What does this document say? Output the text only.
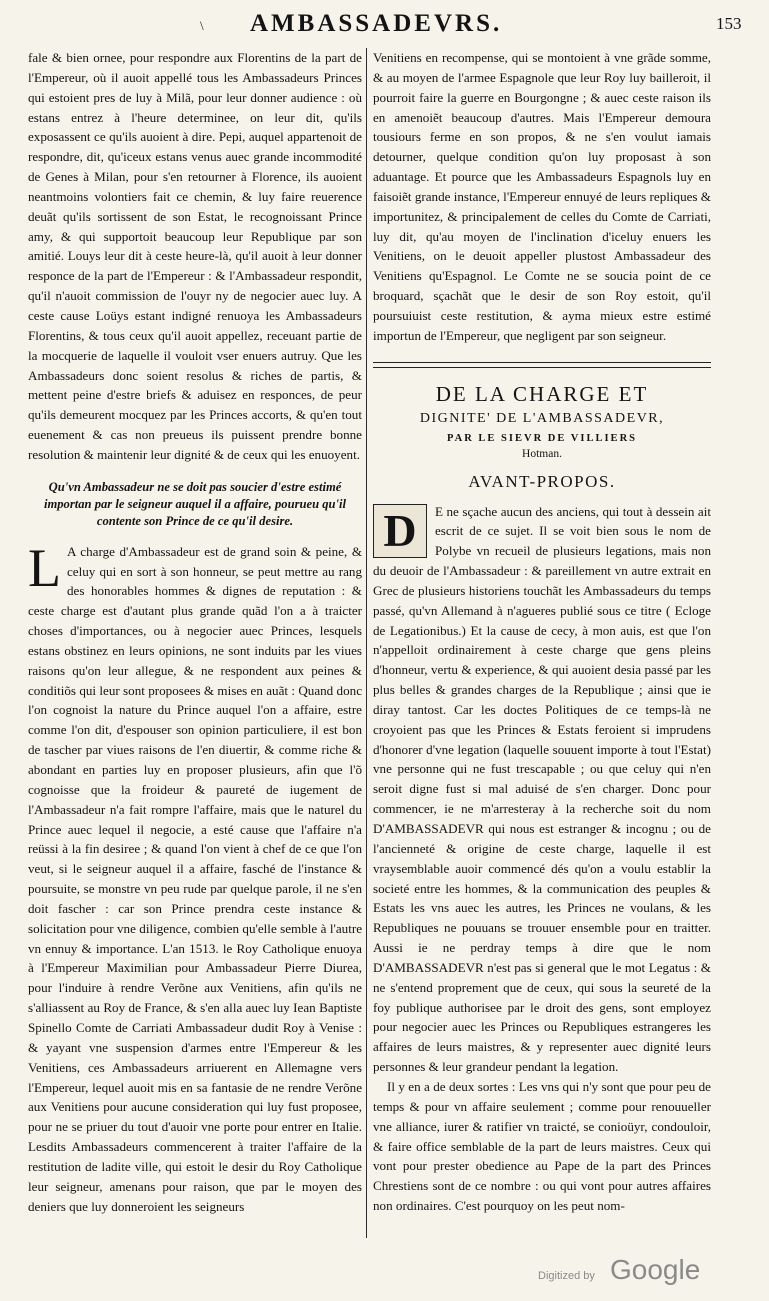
\ AMBASSADEVRS.	153

fale & bien ornee, pour respondre aux Florentins de la part de l'Empereur, où il auoit appellé tous les Ambassadeurs Princes qui estoient pres de luy à Milã, pour leur donner audience : où estans entrez à l'heure determinee, on leur dit, qu'ils exposassent ce qu'ils auoient à dire. Pepi, auquel appartenoit de respondre, dit, qu'iceux estans venus auec grande incommodité de Genes à Milan, pour s'en retourner à Florence, ils auoient neantmoins volontiers fait ce chemin, & luy faire reuerence deuãt qu'ils sortissent de son Estat, le recognoissant Prince amy, & qui supportoit beaucoup leur Republique par son amitié. Louys leur dit à ceste heure-là, qu'il auoit à leur donner responce de la part de l'Empereur : & l'Ambassadeur respondit, qu'il n'auoit commission de l'ouyr ny de negocier auec luy. A ceste cause Loüys estant indigné renuoya les Ambassadeurs Florentins, & tous ceux qu'il auoit appellez, receuant partie de la mocquerie de laquelle il vouloit vser enuers autruy. Que les Ambassadeurs donc soient resolus & riches de partis, & mettent peine d'estre briefs & aduisez en responces, de peur qu'ils demeurent mocquez par les Princes accorts, & qu'en tout euenement & cas non preueus ils puissent prendre bonne resolution & maintenir leur dignité & de ceux qui les enuoyent.

Qu'vn Ambassadeur ne se doit pas soucier d'estre estimé importan par le seigneur auquel il a affaire, pourueu qu'il contente son Prince de ce qu'il desire.

L A charge d'Ambassadeur est de grand soin & peine, & celuy qui en sort à son honneur, se peut mettre au rang des honorables hommes & dignes de reputation : & ceste charge est d'autant plus grande quãd l'on a à traicter choses d'importances, ou à negocier auec Princes, lesquels estans obstinez en leurs opinions, ne sont induits par les viues raisons qu'on leur allegue, & ne respondent aux peines & conditiõs qui leur sont proposees & mises en auãt : Quand donc l'on cognoist la nature du Prince auquel l'on a affaire, estre comme l'on dit, d'espouser son opinion particuliere, il est bon de tascher par viues raisons de l'en diuertir, & comme riche & abondant en parties luy en proposer plusieurs, afin que l'õ cognoisse que la froideur & paureté de iugement de l'Ambassadeur n'a fait rompre l'affaire, mais que le naturel du Prince auec lequel il negocie, a esté cause que l'affaire n'a reüssi à la fin desiree ; & quand l'on vient à chef de ce que l'on veut, si le seigneur auquel il a affaire, fasché de l'instance & poursuite, se monstre vn peu rude par quelque parole, il ne s'en doit fascher : car son Prince prendra ceste instance & solicitation pour vne diligence, combien qu'elle semble à l'autre vn ennuy & importance. L'an 1513. le Roy Catholique enuoya à l'Empereur Maximilian pour Ambassadeur Pierre Diurea, pour l'induire à rendre Verõne aux Venitiens, afin qu'ils ne s'alliassent au Roy de France, & s'en alla auec luy Iean Baptiste Spinello Comte de Carriati Ambassadeur dudit Roy à Venise : & yayant vne suspension d'armes entre l'Empereur & les Venitiens, ces Ambassadeurs arriuerent en Allemagne vers l'Empereur, lequel auoit mis en sa fantasie de ne rendre Verõne aux Venitiens pour aucune consideration qui luy fust proposee, pour ne se priuer du tout d'auoir vne porte pour entrer en Italie. Lesdits Ambassadeurs commencerent à traiter l'affaire de la restitution de ladite ville, qui estoit le desir du Roy Catholique leur seigneur, amenans pour raison, que par le moyen des deniers que luy donneroient les seigneurs

Venitiens en recompense, qui se montoient à vne grãde somme, & au moyen de l'armee Espagnole que leur Roy luy bailleroit, il pourroit faire la guerre en Bourgongne ; & auec ceste raison ils en amenoiẽt beaucoup d'autres. Mais l'Empereur demoura tousiours ferme en son propos, & ne s'en voulut iamais detourner, quelque condition qu'on luy proposast à son aduantage. Et pource que les Ambassadeurs Espagnols luy en faisoiẽt grande instance, l'Empereur ennuyé de leurs repliques & importunitez, & principalement de celles du Comte de Carriati, luy dit, qu'au moyen de l'inclination d'iceluy enuers les Venitiens, on le deuoit appeller plustost Ambassadeur des Venitiens qu'Espagnol. Le Comte ne se soucia point de ce broquard, sçachãt que le desir de son Roy estoit, qu'il poursuiuist ceste restitution, & ayma mieux estre estimé importun de l'Empereur, que negligent par son seigneur.

DE LA CHARGE ET

DIGNITE' DE L'AMBASSADEVR,

PAR LE SIEVR DE VILLIERS

Hotman.

AVANT-PROPOS.

D	E ne sçache aucun des anciens, qui tout à dessein ait escrit de ce sujet. Il se voit bien sous le nom de Polybe vn recueil de plusieurs legations, mais non du deuoir de l'Ambassadeur : & pareillement vn autre extrait en Grec de plusieurs historiens touchãt les Ambassadeurs du temps passé, qu'vn Allemand à n'agueres publié sous ce titre ( Ecloge de Legationibus.) Et la cause de cecy, à mon auis, est que l'on n'appelloit ordinairement à ceste charge que gens pleins d'honneur, vertu & experience, & qui auoient desia passé par les plus belles & grandes charges de la Republique ; ainsi que ie diray tantost. Car les doctes Politiques de ce temps-là ne croyoient pas que les Princes & Estats feroient si imprudens d'honorer d'vne legation (laquelle souuent importe à tout l'Estat) vne personne qui ne fust trescapable ; ou que celuy qui n'en seroit digne fust si mal aduisé de s'en charger. Donc pour commencer, ie ne m'arresteray à la recherche soit du nom D'AMBASSADEVR qui nous est estranger & incognu ; ou de l'ancienneté & origine de ceste charge, laquelle il est vraysemblable auoir commencé dés qu'on a voulu establir la societé entre les hommes, & la communication des peuples & Estats les vns auec les autres, les Princes ne voulans, & les Republiques ne pouuans se trouuer ensemble pour en traitter. Aussi ie ne perdray temps à dire que le nom D'AMBASSADEVR n'est pas si general que le mot Legatus : & ne s'entend proprement que de ceux, qui sous la seureté de la foy publique authorisee par le droit des gens, sont employez pour negocier auec les Princes ou Republiques estrangeres les affaires de leurs maistres, & y representer auec dignité leurs personnes & leur grandeur pendant la legation.

Il y en a de deux sortes : Les vns qui n'y sont que pour peu de temps & pour vn affaire seulement ; comme pour renouueller vne alliance, iurer & ratifier vn traicté, se conioüyr, condouloir, & faire office semblable de la part de leurs maistres. Ceux qui vont pour prester obedience au Pape de la part des Princes Chrestiens sont de ce nombre : ou qui vont pour autres affaires non ordinaires. C'est pourquoy on les peut nom-

Digitized by Google
